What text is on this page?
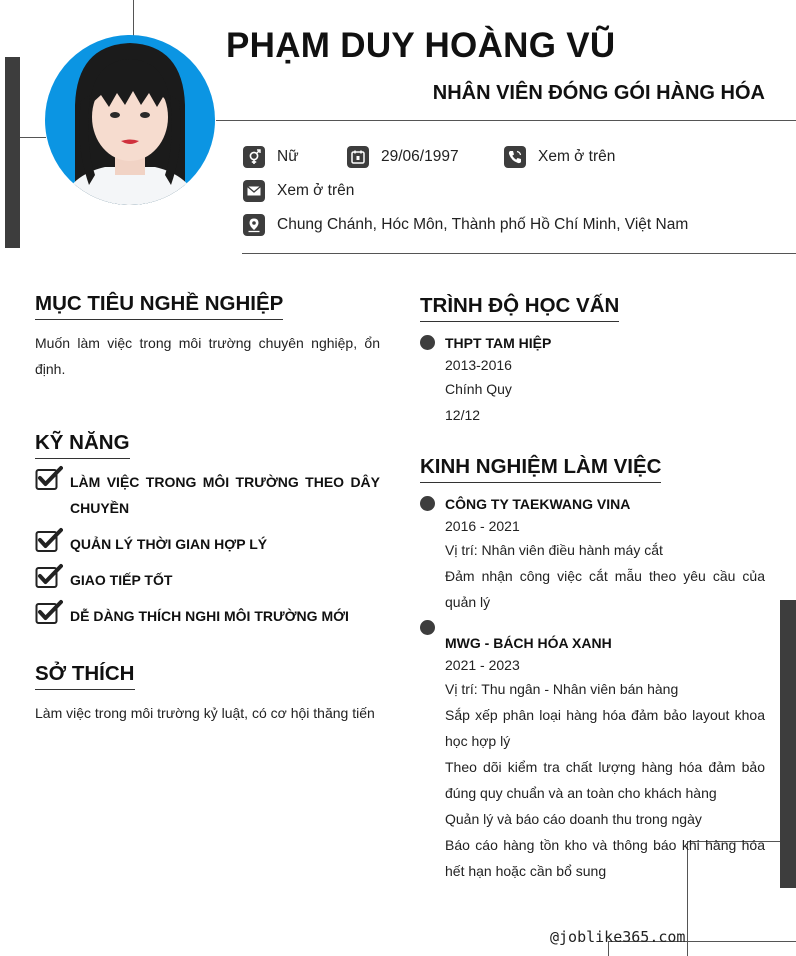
PHẠM DUY HOÀNG VŨ
NHÂN VIÊN ĐÓNG GÓI HÀNG HÓA
Nữ	29/06/1997	Xem ở trên
Xem ở trên
Chung Chánh, Hóc Môn, Thành phố Hồ Chí Minh, Việt Nam
MỤC TIÊU NGHỀ NGHIỆP

Muốn làm việc trong môi trường chuyên nghiệp, ổn định.

KỸ NĂNG
LÀM VIỆC TRONG MÔI TRƯỜNG THEO DÂY CHUYỀN
QUẢN LÝ THỜI GIAN HỢP LÝ
GIAO TIẾP TỐT
DỄ DÀNG THÍCH NGHI MÔI TRƯỜNG MỚI
SỞ THÍCH

Làm việc trong môi trường kỷ luật, có cơ hội thăng tiến

TRÌNH ĐỘ HỌC VẤN
THPT TAM HIỆP
2013-2016
Chính Quy
12/12
KINH NGHIỆM LÀM VIỆC
CÔNG TY TAEKWANG VINA
2016 - 2021
Vị trí: Nhân viên điều hành máy cắt
Đảm nhận công việc cắt mẫu theo yêu cầu của quản lý
MWG - BÁCH HÓA XANH
2021 - 2023
Vị trí: Thu ngân - Nhân viên bán hàng
Sắp xếp phân loại hàng hóa đảm bảo layout khoa học hợp lý
Theo dõi kiểm tra chất lượng hàng hóa đảm bảo đúng quy chuẩn và an toàn cho khách hàng
Quản lý và báo cáo doanh thu trong ngày
Báo cáo hàng tồn kho và thông báo khi hàng hóa hết hạn hoặc cần bổ sung
@joblike365.com
